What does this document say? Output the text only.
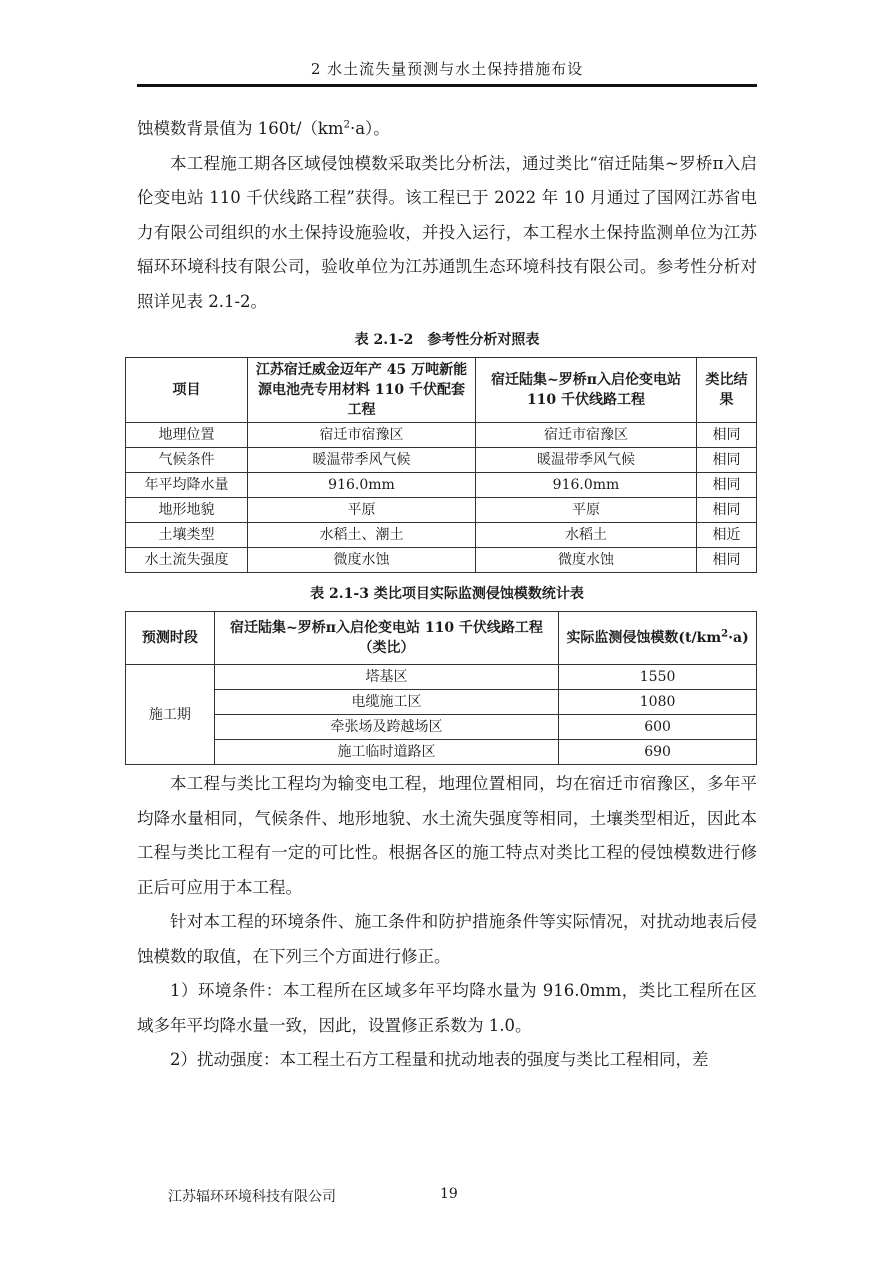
2 水土流失量预测与水土保持措施布设

蚀模数背景值为 $160t/(km^2\cdot a)$。

本工程施工期各区域侵蚀模数采取类比分析法，通过类比“宿迁陆集~罗桥π入启伦变电站 110 千伏线路工程”获得。该工程已于 2022 年 10 月通过了国网江苏省电力有限公司组织的水土保持设施验收，并投入运行，本工程水土保持监测单位为江苏辐环环境科技有限公司，验收单位为江苏通凯生态环境科技有限公司。参考性分析对照详见表 2.1-2。

表 2.1-2　参考性分析对照表
项目	江苏宿迁威金迈年产 45 万吨新能源电池壳专用材料 110 千伏配套工程	宿迁陆集~罗桥π入启伦变电站 110 千伏线路工程	类比结果
地理位置	宿迁市宿豫区	宿迁市宿豫区	相同
气候条件	暖温带季风气候	暖温带季风气候	相同
年平均降水量	916.0mm	916.0mm	相同
地形地貌	平原	平原	相同
土壤类型	水稻土、潮土	水稻土	相近
水土流失强度	微度水蚀	微度水蚀	相同
表 2.1-3 类比项目实际监测侵蚀模数统计表
预测时段	宿迁陆集~罗桥π入启伦变电站 110 千伏线路工程（类比）	实际监测侵蚀模数$(t/km^2\cdot a)$
施工期	塔基区	1550
	电缆施工区	1080
	牵张场及跨越场区	600
	施工临时道路区	690

本工程与类比工程均为输变电工程，地理位置相同，均在宿迁市宿豫区，多年平均降水量相同，气候条件、地形地貌、水土流失强度等相同，土壤类型相近，因此本工程与类比工程有一定的可比性。根据各区的施工特点对类比工程的侵蚀模数进行修正后可应用于本工程。

针对本工程的环境条件、施工条件和防护措施条件等实际情况，对扰动地表后侵蚀模数的取值，在下列三个方面进行修正。

1）环境条件：本工程所在区域多年平均降水量为 916.0mm，类比工程所在区域多年平均降水量一致，因此，设置修正系数为 1.0。

2）扰动强度：本工程土石方工程量和扰动地表的强度与类比工程相同，差

江苏辐环环境科技有限公司	19
